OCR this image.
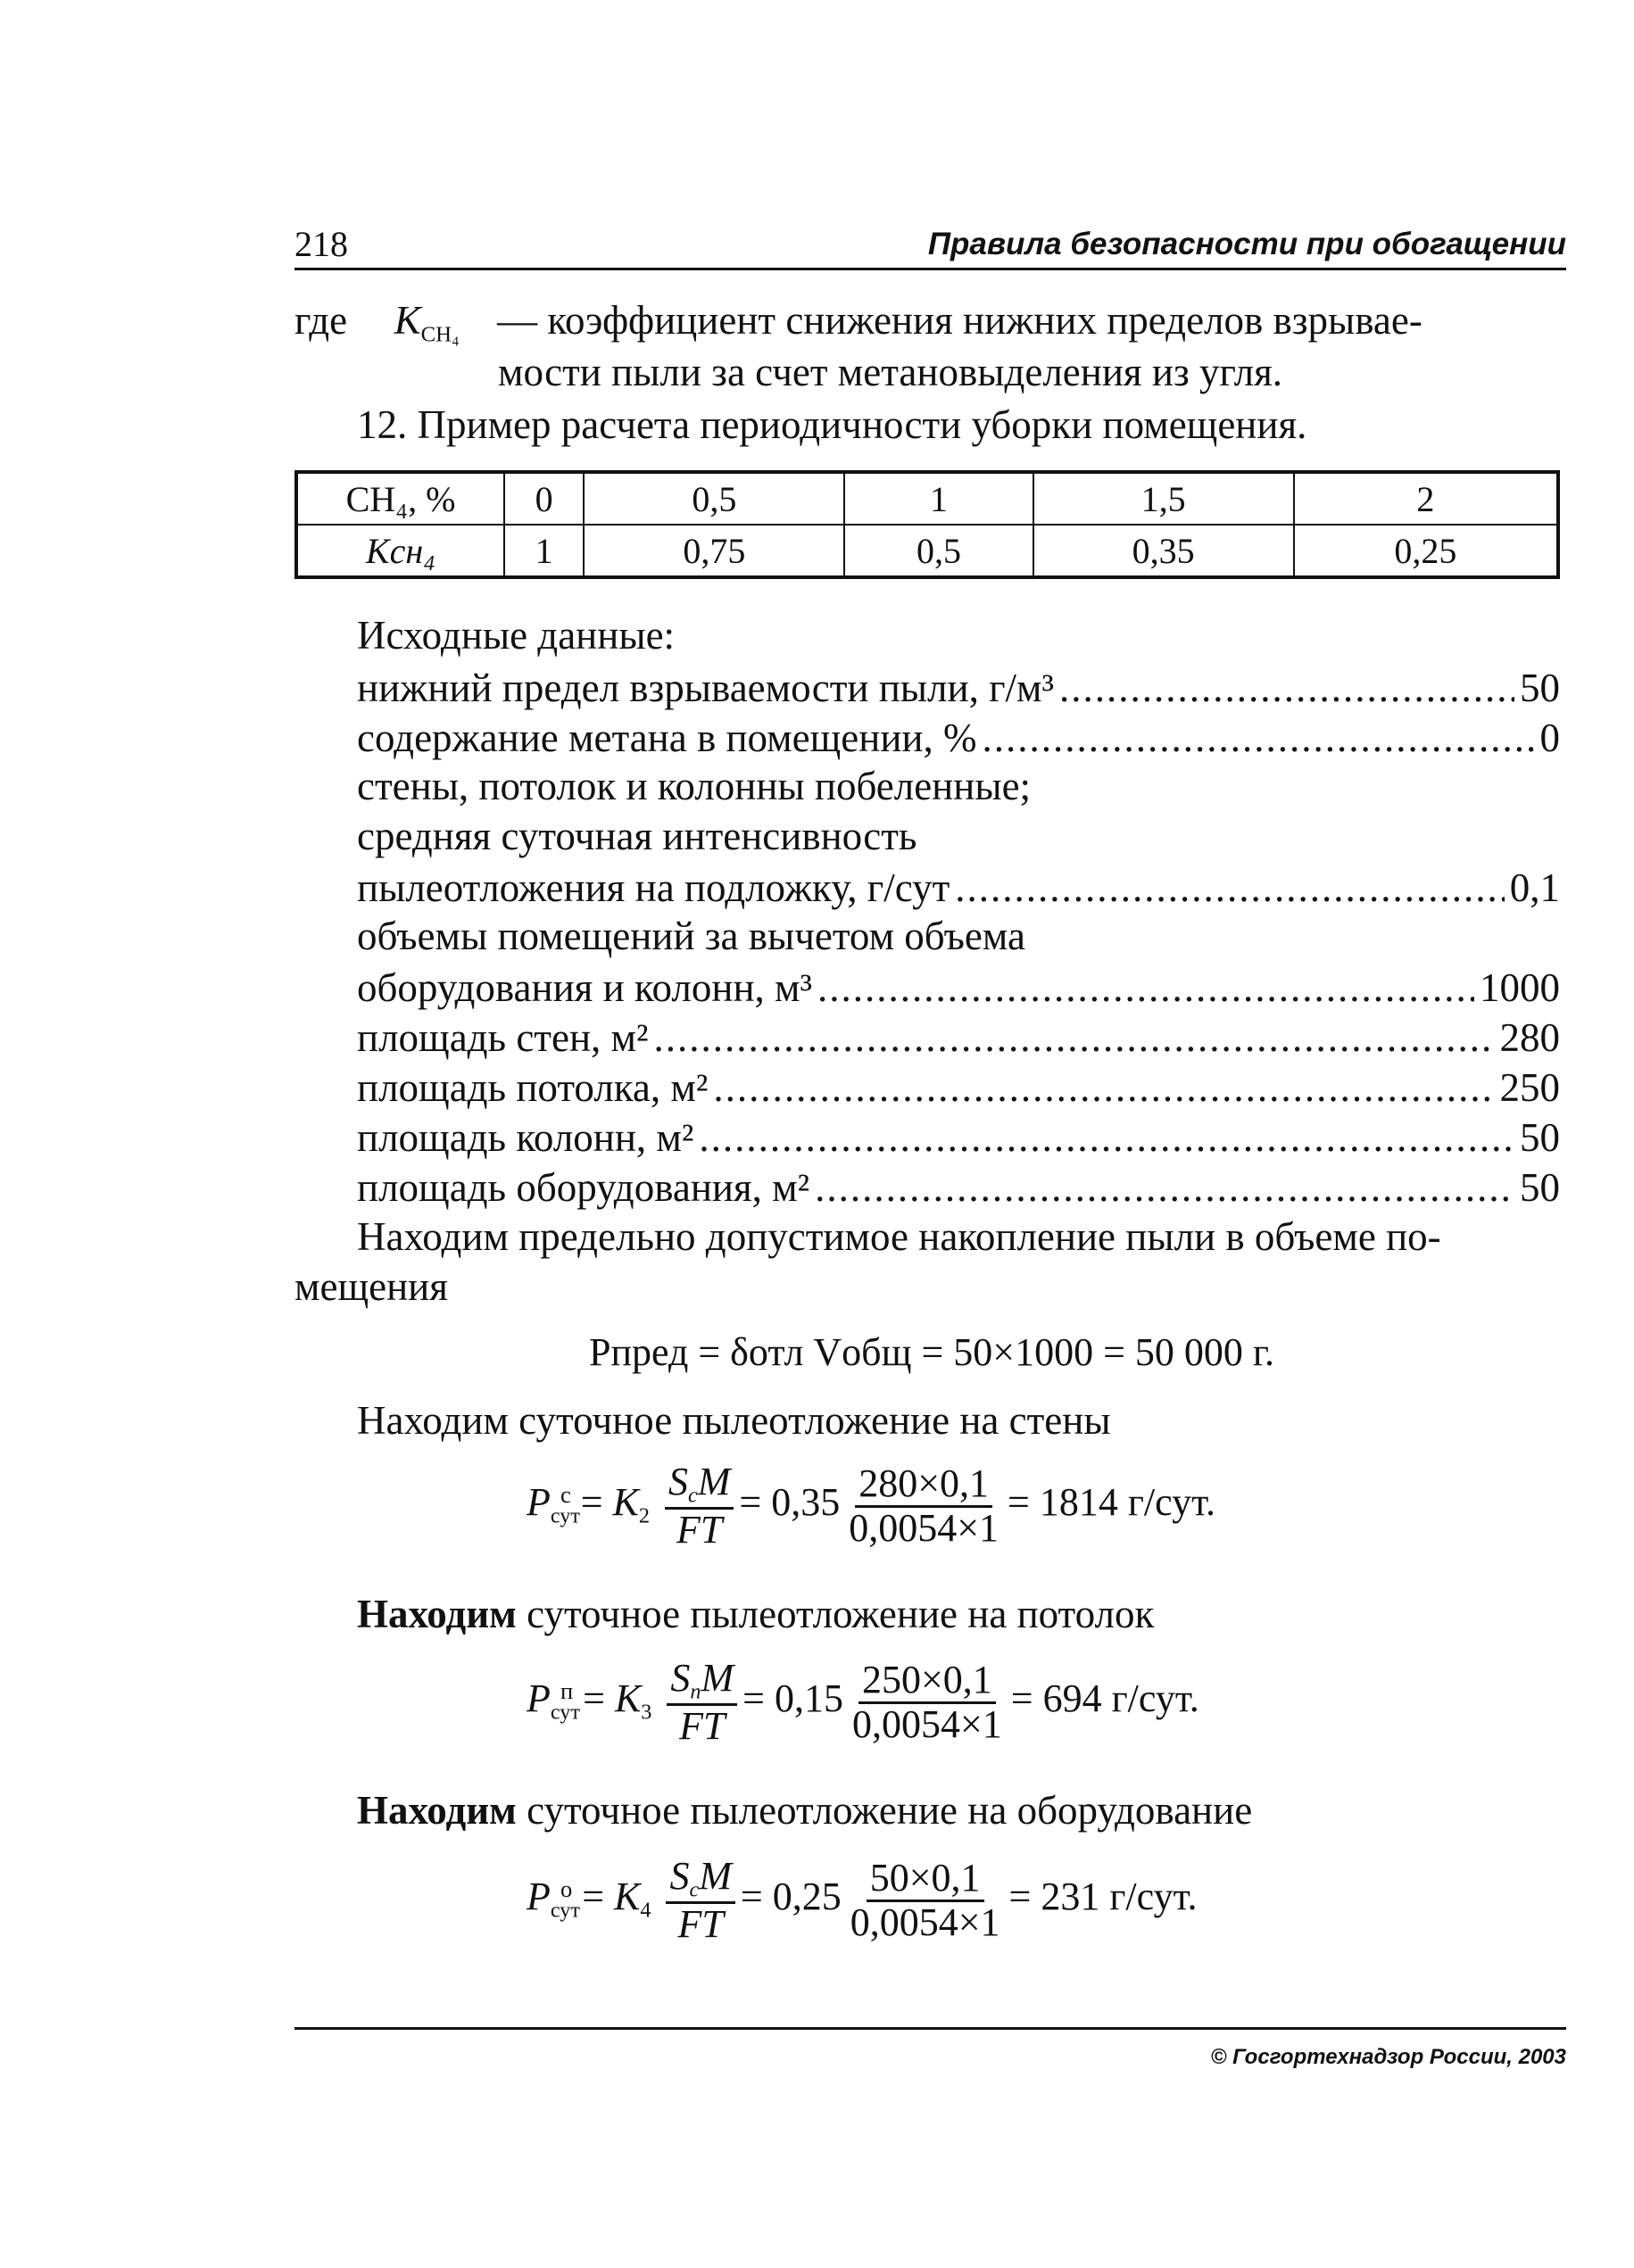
218	Правила безопасности при обогащении
где $K_{СН_4}$ — коэффициент снижения нижних пределов взрывае-
мости пыли за счет метановыделения из угля.
12. Пример расчета периодичности уборки помещения.
СН₄, %	0	0,5	1	1,5	2
Kсн₄	1	0,75	0,5	0,35	0,25
Исходные данные:
нижний предел взрываемости пыли, г/м³ .....	50
содержание метана в помещении, % .....	0
стены, потолок и колонны побеленные;
средняя суточная интенсивность
пылеотложения на подложку, г/сут .....	0,1
объемы помещений за вычетом объема
оборудования и колонн, м³ .....	1000
площадь стен, м² .....	280
площадь потолка, м² .....	250
площадь колонн, м² .....	50
площадь оборудования, м² .....	50
Находим предельно допустимое накопление пыли в объеме по-
мещения
Pпред = δотл Vобщ = 50×1000 = 50 000 г.
Находим суточное пылеотложение на стены
$P_{сут}^с = K_2 \frac{S_сM}{FT} = 0,35 \frac{280\times 0,1}{0,0054\times 1} = 1814$ г/сут.
Находим суточное пылеотложение на потолок
$P_{сут}^п = K_3 \frac{S_пM}{FT} = 0,15 \frac{250\times 0,1}{0,0054\times 1} = 694$ г/сут.
Находим суточное пылеотложение на оборудование
$P_{сут}^о = K_4 \frac{S_сM}{FT} = 0,25 \frac{50\times 0,1}{0,0054\times 1} = 231$ г/сут.
© Госгортехнадзор России, 2003
